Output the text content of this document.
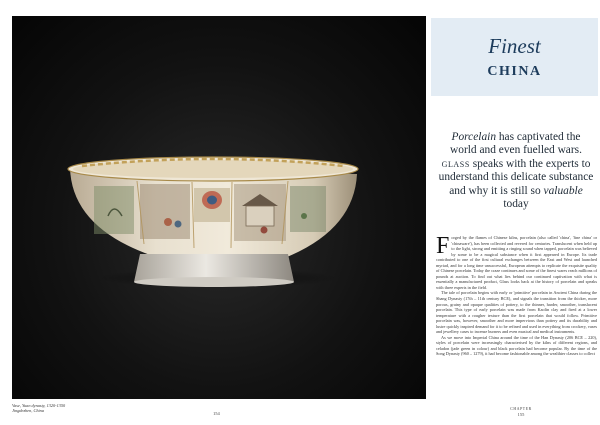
Vase, Yuan dynasty, 1320-1350
Jingdezhen, China
154
Finest
CHINA
Porcelain has captivated the world and even fuelled wars. glass speaks with the experts to understand this delicate substance and why it is still so valuable today

Forged by the flames of Chinese kilns, porcelain (also called 'china', 'fine china' or 'chinaware'), has been collected and revered for centuries. Translucent when held up to the light, strong and emitting a ringing sound when tapped, porcelain was believed by some to be a magical substance when it first appeared in Europe. Its trade contributed to one of the first cultural exchanges between the East and West and launched myriad, and for a long time unsuccessful, European attempts to replicate the exquisite quality of Chinese porcelain. Today the craze continues and some of the finest wares reach millions of pounds at auction. To find out what lies behind our continued captivation with what is essentially a manufactured product, Glass looks back at the history of porcelain and speaks with three experts in the field.

The tale of porcelain begins with early or 'primitive' porcelain in Ancient China during the Shang Dynasty (17th – 11th century BCE), and signals the transition from the thicker, more porous, grainy and opaque qualities of pottery, to the thinner, harder, smoother, translucent porcelain. This type of early porcelain was made from Kaolin clay and fired at a lower temperature with a rougher texture than the first porcelain that would follow. Primitive porcelain was, however, smoother and more impervious than pottery and its durability and lustre quickly inspired demand for it to be refined and used in everything from crockery, vases and jewellery cases to incense burners and even musical and medical instruments.

As we move into Imperial China around the time of the Han Dynasty (206 BCE – 220), styles of porcelain were increasingly characterised by the kilns of different regions, and celadon (jade green in colour) and black porcelain had become popular. By the time of the Song Dynasty (960 – 1279), it had become fashionable among the wealthier classes to collect

CHAPTER
155
